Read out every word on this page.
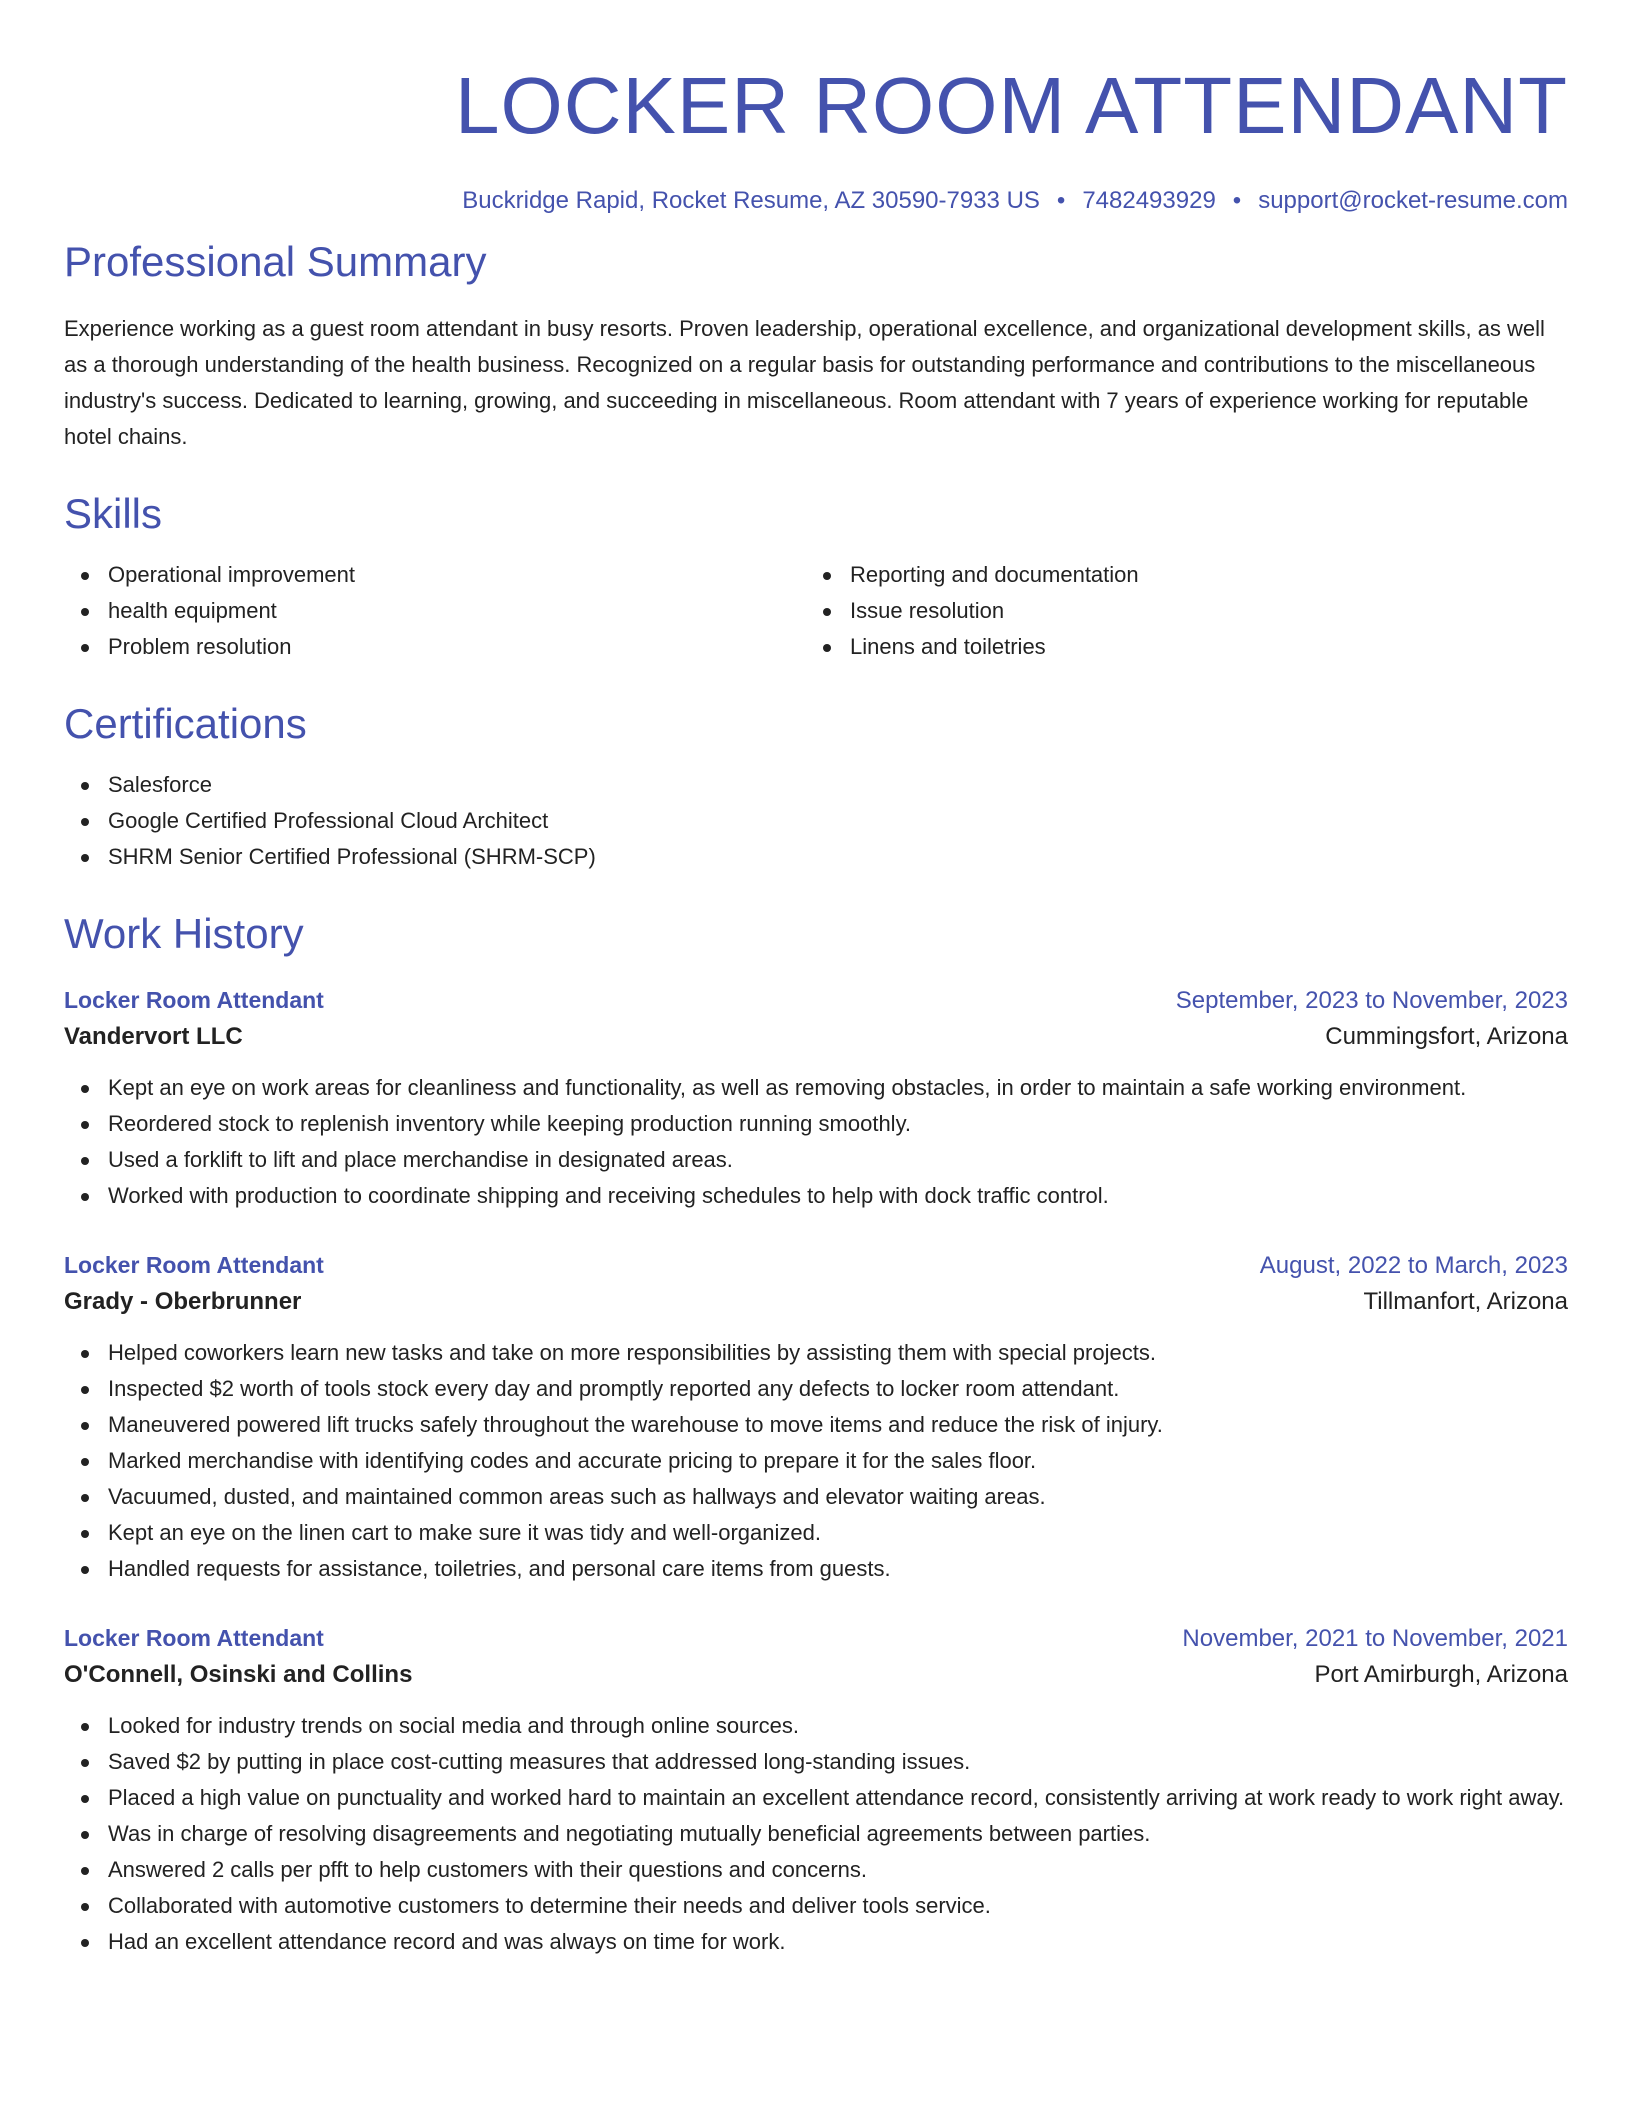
LOCKER ROOM ATTENDANT
Buckridge Rapid, Rocket Resume, AZ 30590-7933 US • 7482493929 • support@rocket-resume.com
Professional Summary

Experience working as a guest room attendant in busy resorts. Proven leadership, operational excellence, and organizational development skills, as well as a thorough understanding of the health business. Recognized on a regular basis for outstanding performance and contributions to the miscellaneous industry's success. Dedicated to learning, growing, and succeeding in miscellaneous. Room attendant with 7 years of experience working for reputable hotel chains.

Skills
Operational improvement
health equipment
Problem resolution
Reporting and documentation
Issue resolution
Linens and toiletries
Certifications
Salesforce
Google Certified Professional Cloud Architect
SHRM Senior Certified Professional (SHRM-SCP)
Work History
Locker Room Attendant	September, 2023 to November, 2023
Vandervort LLC	Cummingsfort, Arizona
Kept an eye on work areas for cleanliness and functionality, as well as removing obstacles, in order to maintain a safe working environment.
Reordered stock to replenish inventory while keeping production running smoothly.
Used a forklift to lift and place merchandise in designated areas.
Worked with production to coordinate shipping and receiving schedules to help with dock traffic control.
Locker Room Attendant	August, 2022 to March, 2023
Grady - Oberbrunner	Tillmanfort, Arizona
Helped coworkers learn new tasks and take on more responsibilities by assisting them with special projects.
Inspected $2 worth of tools stock every day and promptly reported any defects to locker room attendant.
Maneuvered powered lift trucks safely throughout the warehouse to move items and reduce the risk of injury.
Marked merchandise with identifying codes and accurate pricing to prepare it for the sales floor.
Vacuumed, dusted, and maintained common areas such as hallways and elevator waiting areas.
Kept an eye on the linen cart to make sure it was tidy and well-organized.
Handled requests for assistance, toiletries, and personal care items from guests.
Locker Room Attendant	November, 2021 to November, 2021
O'Connell, Osinski and Collins	Port Amirburgh, Arizona
Looked for industry trends on social media and through online sources.
Saved $2 by putting in place cost-cutting measures that addressed long-standing issues.
Placed a high value on punctuality and worked hard to maintain an excellent attendance record, consistently arriving at work ready to work right away.
Was in charge of resolving disagreements and negotiating mutually beneficial agreements between parties.
Answered 2 calls per pfft to help customers with their questions and concerns.
Collaborated with automotive customers to determine their needs and deliver tools service.
Had an excellent attendance record and was always on time for work.
